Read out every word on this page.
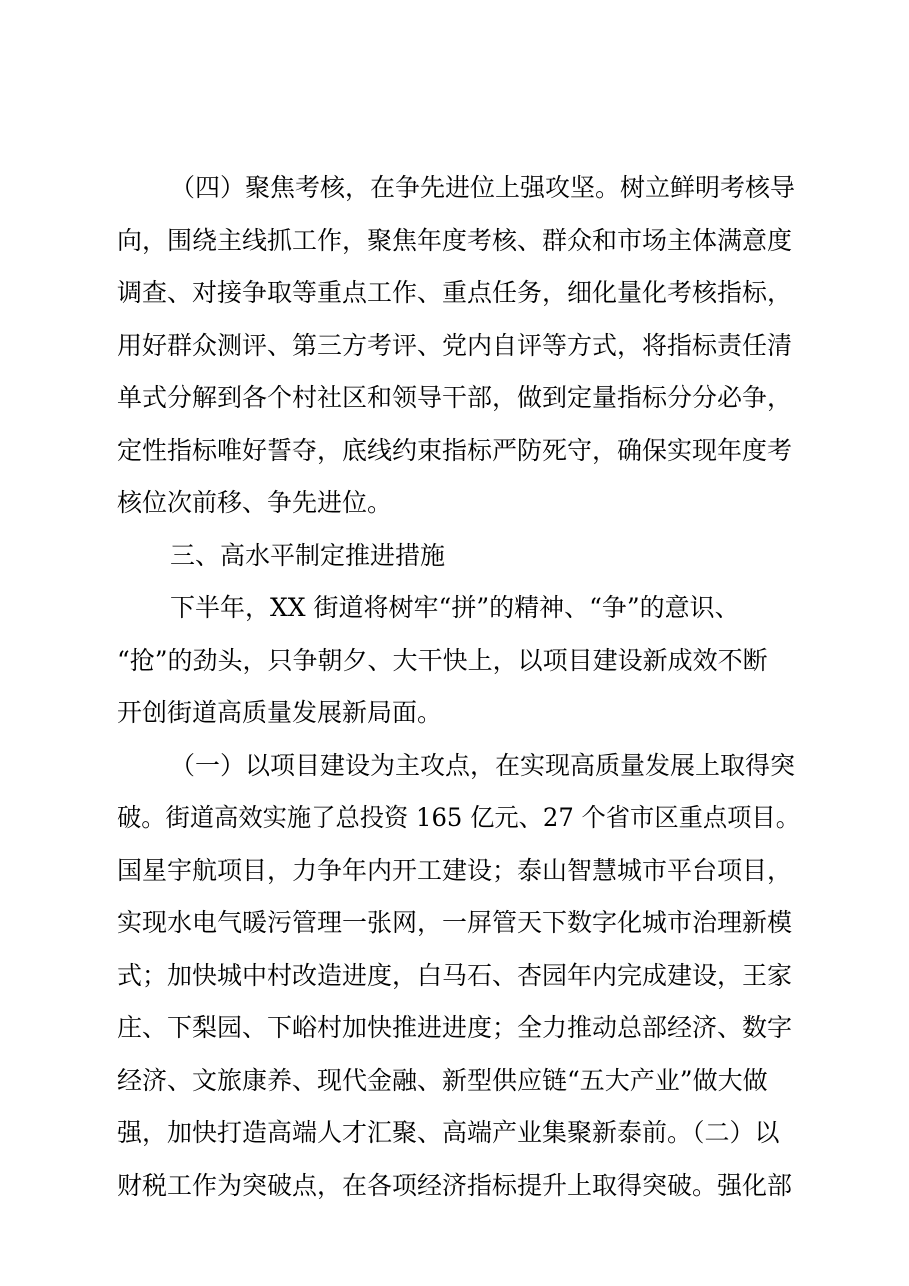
（四）聚焦考核，在争先进位上强攻坚。树立鲜明考核导

向，围绕主线抓工作，聚焦年度考核、群众和市场主体满意度

调查、对接争取等重点工作、重点任务，细化量化考核指标，

用好群众测评、第三方考评、党内自评等方式，将指标责任清

单式分解到各个村社区和领导干部，做到定量指标分分必争，

定性指标唯好誓夺，底线约束指标严防死守，确保实现年度考

核位次前移、争先进位。

三、高水平制定推进措施

下半年，XX 街道将树牢“拼”的精神、“争”的意识、

“抢”的劲头，只争朝夕、大干快上，以项目建设新成效不断

开创街道高质量发展新局面。

（一）以项目建设为主攻点，在实现高质量发展上取得突

破。街道高效实施了总投资 165 亿元、27 个省市区重点项目。

国星宇航项目，力争年内开工建设；泰山智慧城市平台项目，

实现水电气暖污管理一张网，一屏管天下数字化城市治理新模

式；加快城中村改造进度，白马石、杏园年内完成建设，王家

庄、下梨园、下峪村加快推进进度；全力推动总部经济、数字

经济、文旅康养、现代金融、新型供应链“五大产业”做大做

强，加快打造高端人才汇聚、高端产业集聚新泰前。（二）以

财税工作为突破点，在各项经济指标提升上取得突破。强化部
